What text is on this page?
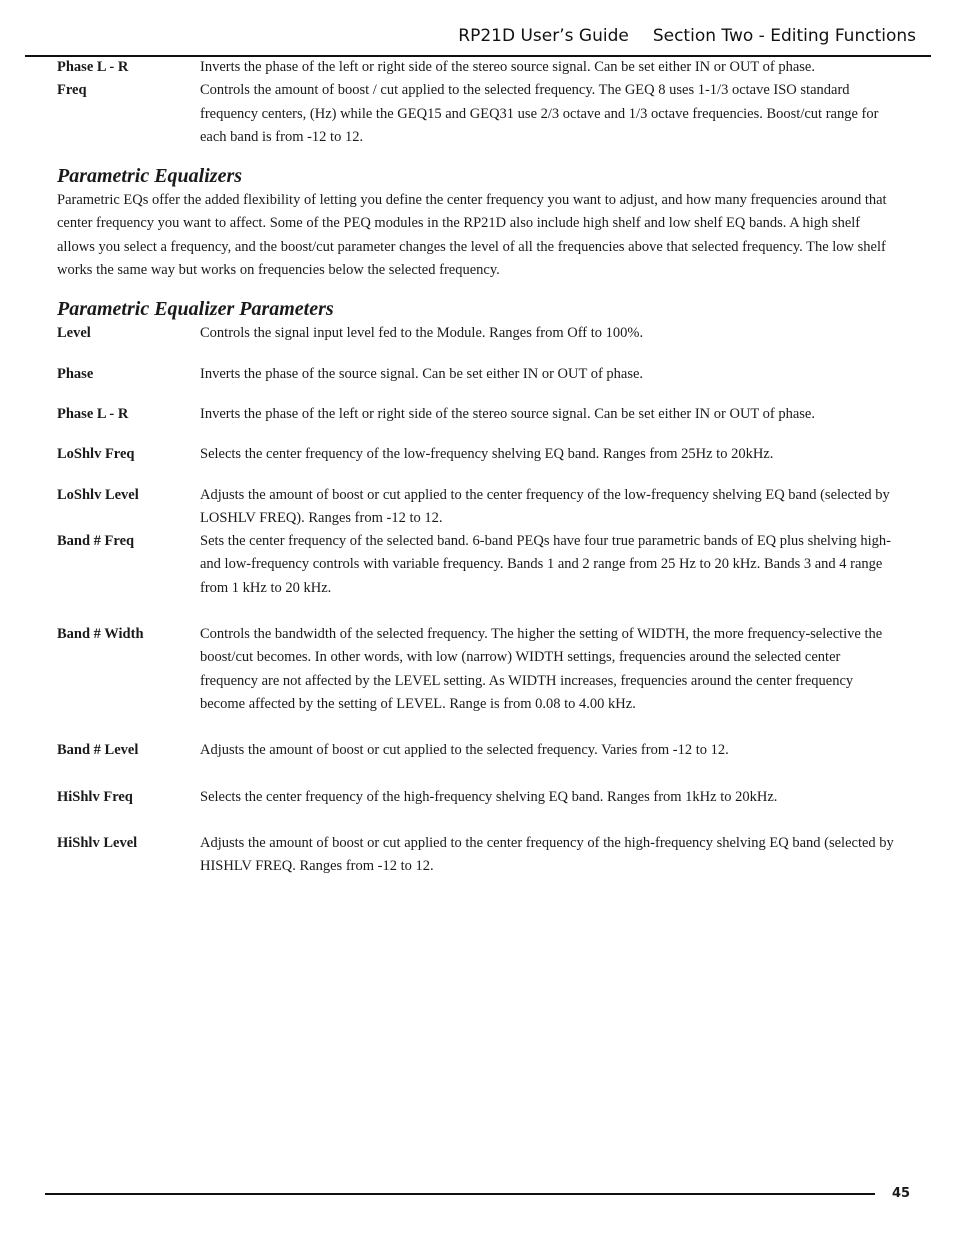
RP21D User’s Guide Section Two - Editing Functions
Phase L - R	Inverts the phase of the left or right side of the stereo source signal. Can be set either IN or OUT of phase.
Freq	Controls the amount of boost / cut applied to the selected frequency. The GEQ 8 uses 1-1/3 octave ISO standard frequency centers, (Hz) while the GEQ15 and GEQ31 use 2/3 octave and 1/3 octave frequencies. Boost/cut range for each band is from -12 to 12.
Parametric Equalizers

Parametric EQs offer the added flexibility of letting you define the center frequency you want to adjust, and how many frequencies around that center frequency you want to affect. Some of the PEQ modules in the RP21D also include high shelf and low shelf EQ bands. A high shelf allows you select a frequency, and the boost/cut parameter changes the level of all the frequencies above that selected frequency. The low shelf works the same way but works on frequencies below the selected frequency.

Parametric Equalizer Parameters
Level	Controls the signal input level fed to the Module. Ranges from Off to 100%.
Phase	Inverts the phase of the source signal. Can be set either IN or OUT of phase.
Phase L - R	Inverts the phase of the left or right side of the stereo source signal. Can be set either IN or OUT of phase.
LoShlv Freq	Selects the center frequency of the low-frequency shelving EQ band. Ranges from 25Hz to 20kHz.
LoShlv Level	Adjusts the amount of boost or cut applied to the center frequency of the low-frequency shelving EQ band (selected by LOSHLV FREQ). Ranges from -12 to 12.
Band # Freq	Sets the center frequency of the selected band. 6-band PEQs have four true parametric bands of EQ plus shelving high- and low-frequency controls with variable frequency. Bands 1 and 2 range from 25 Hz to 20 kHz. Bands 3 and 4 range from 1 kHz to 20 kHz.
Band # Width	Controls the bandwidth of the selected frequency. The higher the setting of WIDTH, the more frequency-selective the boost/cut becomes. In other words, with low (narrow) WIDTH settings, frequencies around the selected center frequency are not affected by the LEVEL setting. As WIDTH increases, frequencies around the center frequency become affected by the setting of LEVEL. Range is from 0.08 to 4.00 kHz.
Band # Level	Adjusts the amount of boost or cut applied to the selected frequency. Varies from -12 to 12.
HiShlv Freq	Selects the center frequency of the high-frequency shelving EQ band. Ranges from 1kHz to 20kHz.
HiShlv Level	Adjusts the amount of boost or cut applied to the center frequency of the high-frequency shelving EQ band (selected by HISHLV FREQ. Ranges from -12 to 12.
45
